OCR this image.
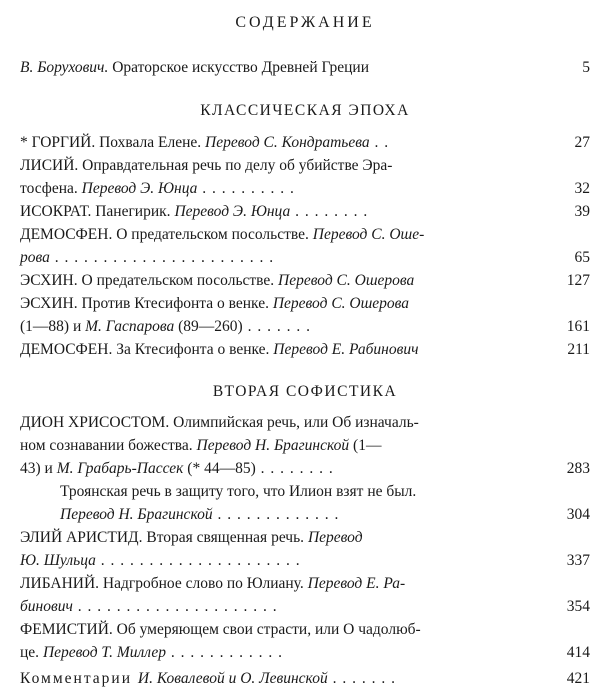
СОДЕРЖАНИЕ
В. Борухович. Ораторское искусство Древней Греции	5
КЛАССИЧЕСКАЯ ЭПОХА
* ГОРГИЙ. Похвала Елене. Перевод С. Кондратьева . .	27
ЛИСИЙ. Оправдательная речь по делу об убийстве Эра-
тосфена. Перевод Э. Юнца . . . . . . . . . .	32
ИСОКРАТ. Панегирик. Перевод Э. Юнца . . . . . . . .	39
ДЕМОСФЕН. О предательском посольстве. Перевод С. Оше-
рова . . . . . . . . . . . . . . . . . . . . . . .	65
ЭСХИН. О предательском посольстве. Перевод С. Ошерова	127
ЭСХИН. Против Ктесифонта о венке. Перевод С. Ошерова
(1—88) и М. Гаспарова (89—260) . . . . . . .	161
ДЕМОСФЕН. За Ктесифонта о венке. Перевод Е. Рабинович	211
ВТОРАЯ СОФИСТИКА
ДИОН ХРИСОСТОМ. Олимпийская речь, или Об изначаль-
ном сознавании божества. Перевод Н. Брагинской (1—
43) и М. Грабарь-Пассек (* 44—85) . . . . . . . .	283
Троянская речь в защиту того, что Илион взят не был.
Перевод Н. Брагинской . . . . . . . . . . . . .	304
ЭЛИЙ АРИСТИД. Вторая священная речь. Перевод
Ю. Шульца . . . . . . . . . . . . . . . . . . . . .	337
ЛИБАНИЙ. Надгробное слово по Юлиану. Перевод Е. Ра-
бинович . . . . . . . . . . . . . . . . . . . . .	354
ФЕМИСТИЙ. Об умеряющем свои страсти, или О чадолюб-
це. Перевод Т. Миллер . . . . . . . . . . . .	414
Комментарии И. Ковалевой и О. Левинской . . . . . . .	421
